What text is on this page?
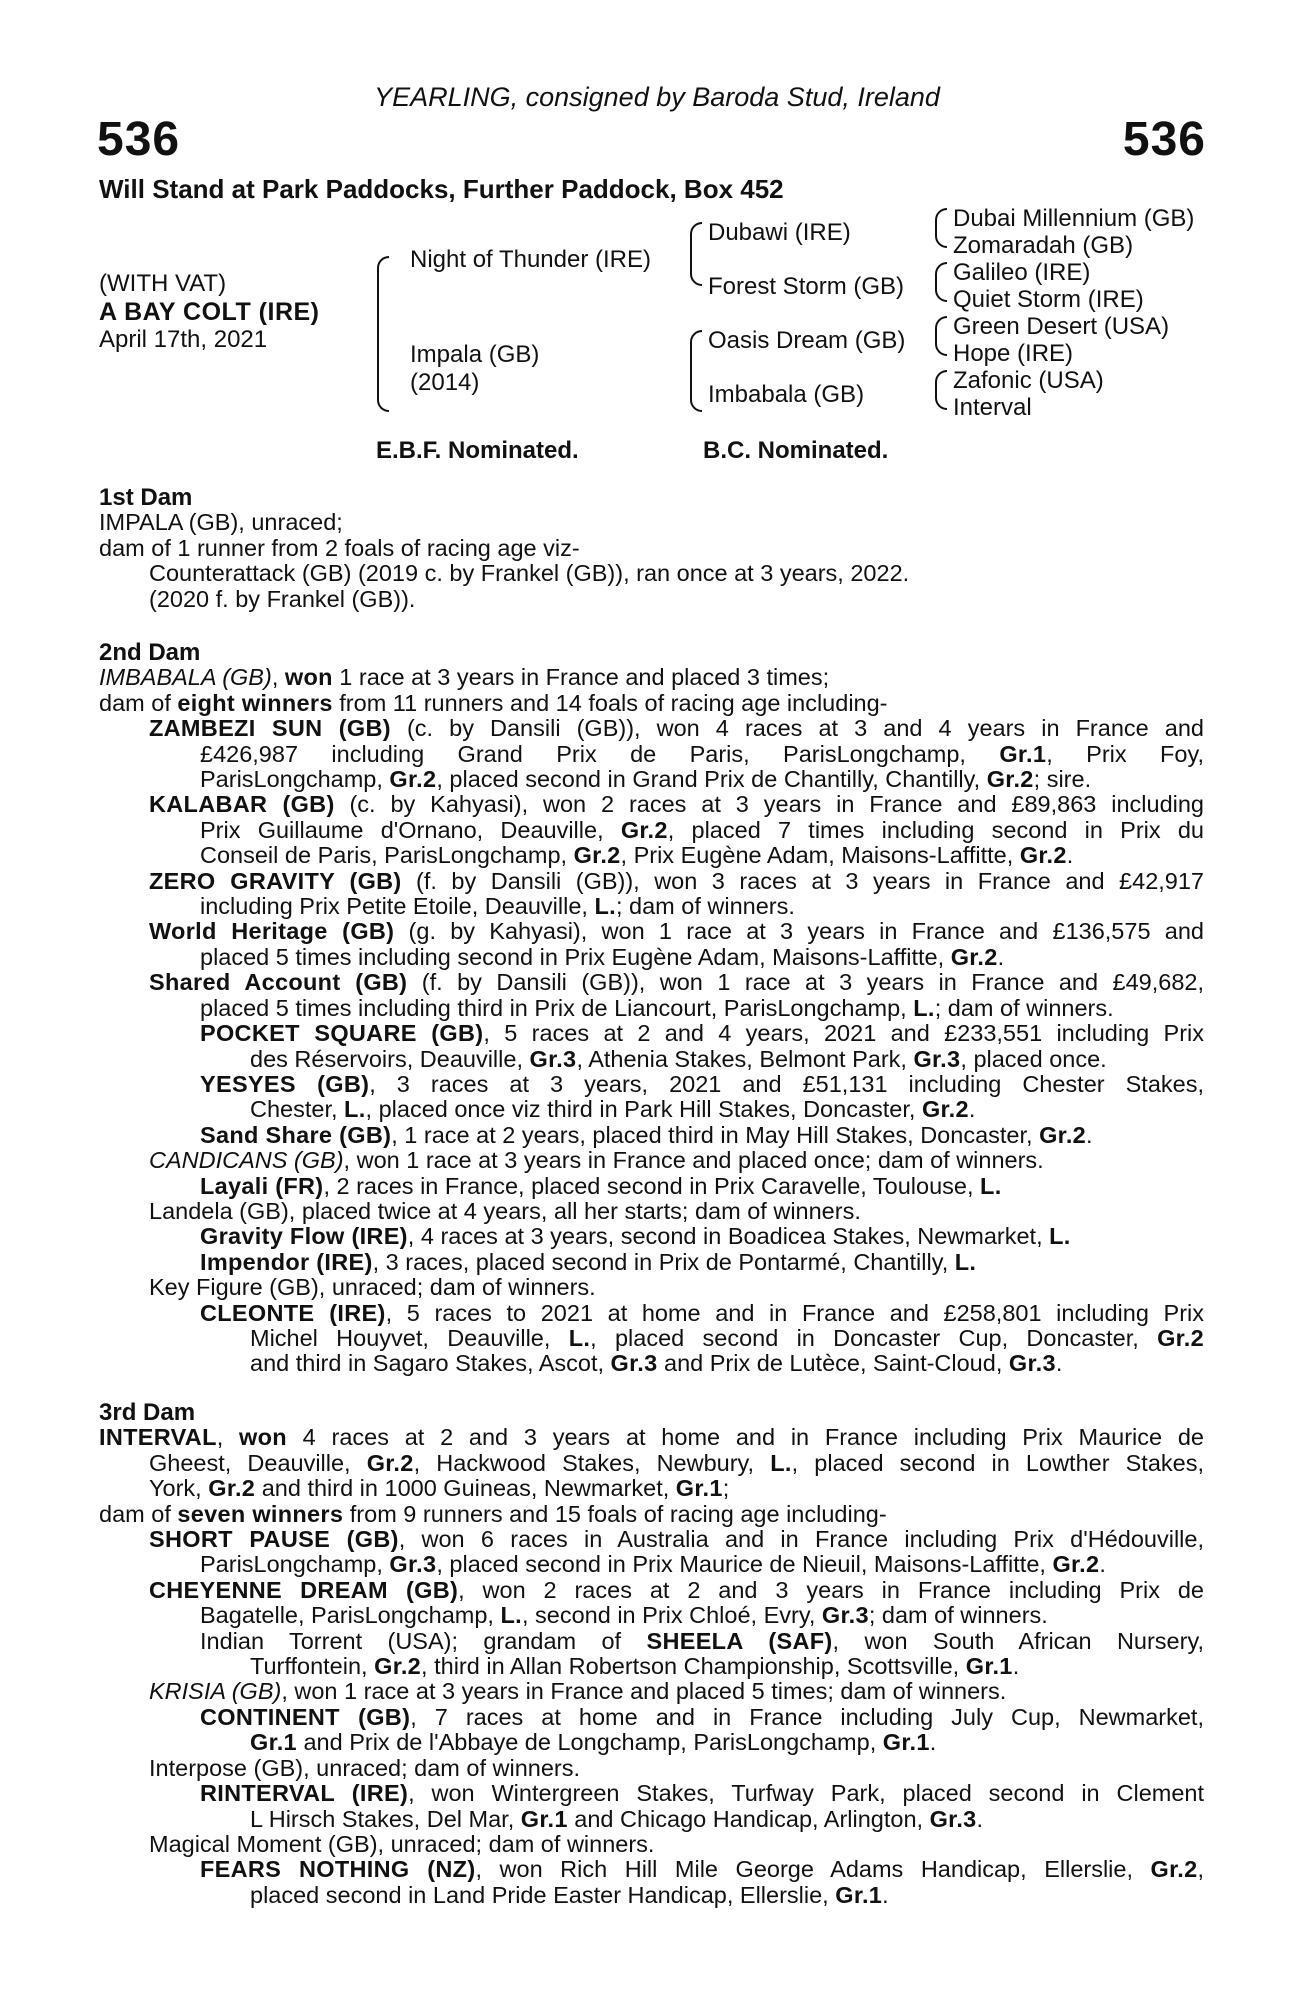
YEARLING, consigned by Baroda Stud, Ireland
536	536
Will Stand at Park Paddocks, Further Paddock, Box 452
(WITH VAT)
A BAY COLT (IRE)
April 17th, 2021
Night of Thunder (IRE)
Impala (GB)
(2014)
Dubawi (IRE)
Forest Storm (GB)
Oasis Dream (GB)
Imbabala (GB)
Dubai Millennium (GB)
Zomaradah (GB)
Galileo (IRE)
Quiet Storm (IRE)
Green Desert (USA)
Hope (IRE)
Zafonic (USA)
Interval
E.B.F. Nominated.	B.C. Nominated.
1st Dam
IMPALA (GB), unraced;
dam of 1 runner from 2 foals of racing age viz-
Counterattack (GB) (2019 c. by Frankel (GB)), ran once at 3 years, 2022.
(2020 f. by Frankel (GB)).
2nd Dam
IMBABALA (GB), won 1 race at 3 years in France and placed 3 times;
dam of eight winners from 11 runners and 14 foals of racing age including-
ZAMBEZI SUN (GB) (c. by Dansili (GB)), won 4 races at 3 and 4 years in France and
£426,987 including Grand Prix de Paris, ParisLongchamp, Gr.1, Prix Foy,
ParisLongchamp, Gr.2, placed second in Grand Prix de Chantilly, Chantilly, Gr.2; sire.
KALABAR (GB) (c. by Kahyasi), won 2 races at 3 years in France and £89,863 including
Prix Guillaume d'Ornano, Deauville, Gr.2, placed 7 times including second in Prix du
Conseil de Paris, ParisLongchamp, Gr.2, Prix Eugène Adam, Maisons-Laffitte, Gr.2.
ZERO GRAVITY (GB) (f. by Dansili (GB)), won 3 races at 3 years in France and £42,917
including Prix Petite Etoile, Deauville, L.; dam of winners.
World Heritage (GB) (g. by Kahyasi), won 1 race at 3 years in France and £136,575 and
placed 5 times including second in Prix Eugène Adam, Maisons-Laffitte, Gr.2.
Shared Account (GB) (f. by Dansili (GB)), won 1 race at 3 years in France and £49,682,
placed 5 times including third in Prix de Liancourt, ParisLongchamp, L.; dam of winners.
POCKET SQUARE (GB), 5 races at 2 and 4 years, 2021 and £233,551 including Prix
des Réservoirs, Deauville, Gr.3, Athenia Stakes, Belmont Park, Gr.3, placed once.
YESYES (GB), 3 races at 3 years, 2021 and £51,131 including Chester Stakes,
Chester, L., placed once viz third in Park Hill Stakes, Doncaster, Gr.2.
Sand Share (GB), 1 race at 2 years, placed third in May Hill Stakes, Doncaster, Gr.2.
CANDICANS (GB), won 1 race at 3 years in France and placed once; dam of winners.
Layali (FR), 2 races in France, placed second in Prix Caravelle, Toulouse, L.
Landela (GB), placed twice at 4 years, all her starts; dam of winners.
Gravity Flow (IRE), 4 races at 3 years, second in Boadicea Stakes, Newmarket, L.
Impendor (IRE), 3 races, placed second in Prix de Pontarmé, Chantilly, L.
Key Figure (GB), unraced; dam of winners.
CLEONTE (IRE), 5 races to 2021 at home and in France and £258,801 including Prix
Michel Houyvet, Deauville, L., placed second in Doncaster Cup, Doncaster, Gr.2
and third in Sagaro Stakes, Ascot, Gr.3 and Prix de Lutèce, Saint-Cloud, Gr.3.
3rd Dam
INTERVAL, won 4 races at 2 and 3 years at home and in France including Prix Maurice de
Gheest, Deauville, Gr.2, Hackwood Stakes, Newbury, L., placed second in Lowther Stakes,
York, Gr.2 and third in 1000 Guineas, Newmarket, Gr.1;
dam of seven winners from 9 runners and 15 foals of racing age including-
SHORT PAUSE (GB), won 6 races in Australia and in France including Prix d'Hédouville,
ParisLongchamp, Gr.3, placed second in Prix Maurice de Nieuil, Maisons-Laffitte, Gr.2.
CHEYENNE DREAM (GB), won 2 races at 2 and 3 years in France including Prix de
Bagatelle, ParisLongchamp, L., second in Prix Chloé, Evry, Gr.3; dam of winners.
Indian Torrent (USA); grandam of SHEELA (SAF), won South African Nursery,
Turffontein, Gr.2, third in Allan Robertson Championship, Scottsville, Gr.1.
KRISIA (GB), won 1 race at 3 years in France and placed 5 times; dam of winners.
CONTINENT (GB), 7 races at home and in France including July Cup, Newmarket,
Gr.1 and Prix de l'Abbaye de Longchamp, ParisLongchamp, Gr.1.
Interpose (GB), unraced; dam of winners.
RINTERVAL (IRE), won Wintergreen Stakes, Turfway Park, placed second in Clement
L Hirsch Stakes, Del Mar, Gr.1 and Chicago Handicap, Arlington, Gr.3.
Magical Moment (GB), unraced; dam of winners.
FEARS NOTHING (NZ), won Rich Hill Mile George Adams Handicap, Ellerslie, Gr.2,
placed second in Land Pride Easter Handicap, Ellerslie, Gr.1.
